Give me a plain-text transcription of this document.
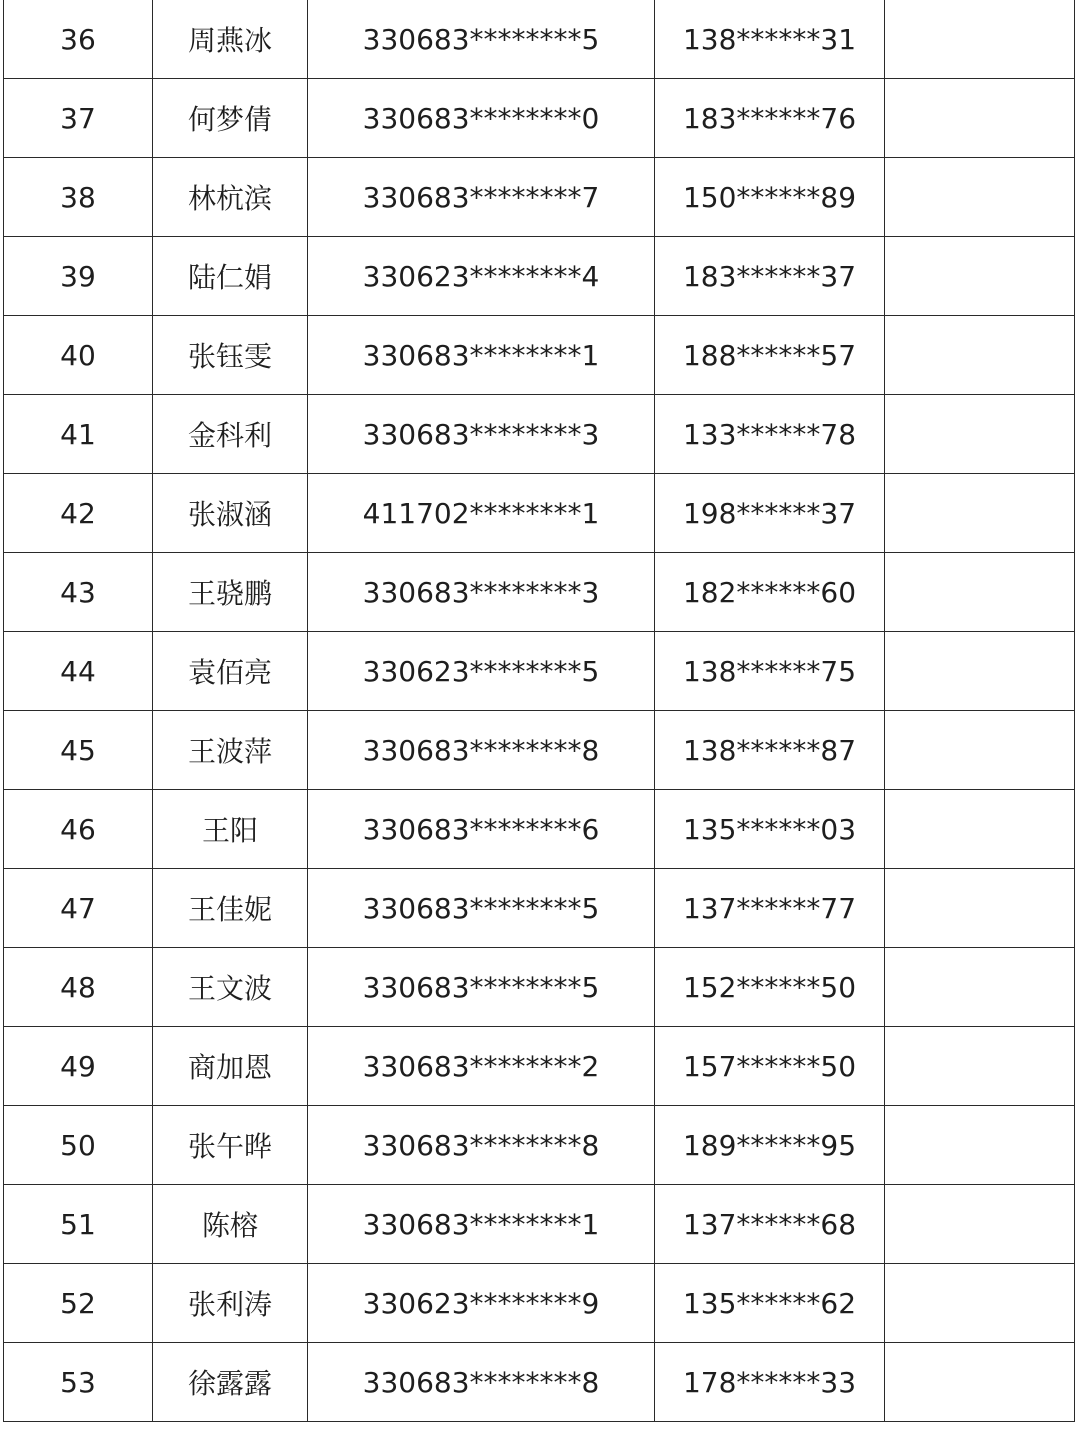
36	周燕冰	330683********5	138******31	
37	何梦倩	330683********0	183******76	
38	林杭滨	330683********7	150******89	
39	陆仁娟	330623********4	183******37	
40	张钰雯	330683********1	188******57	
41	金科利	330683********3	133******78	
42	张淑涵	411702********1	198******37	
43	王骁鹏	330683********3	182******60	
44	袁佰亮	330623********5	138******75	
45	王波萍	330683********8	138******87	
46	王阳	330683********6	135******03	
47	王佳妮	330683********5	137******77	
48	王文波	330683********5	152******50	
49	商加恩	330683********2	157******50	
50	张午晔	330683********8	189******95	
51	陈榕	330683********1	137******68	
52	张利涛	330623********9	135******62	
53	徐露露	330683********8	178******33	
